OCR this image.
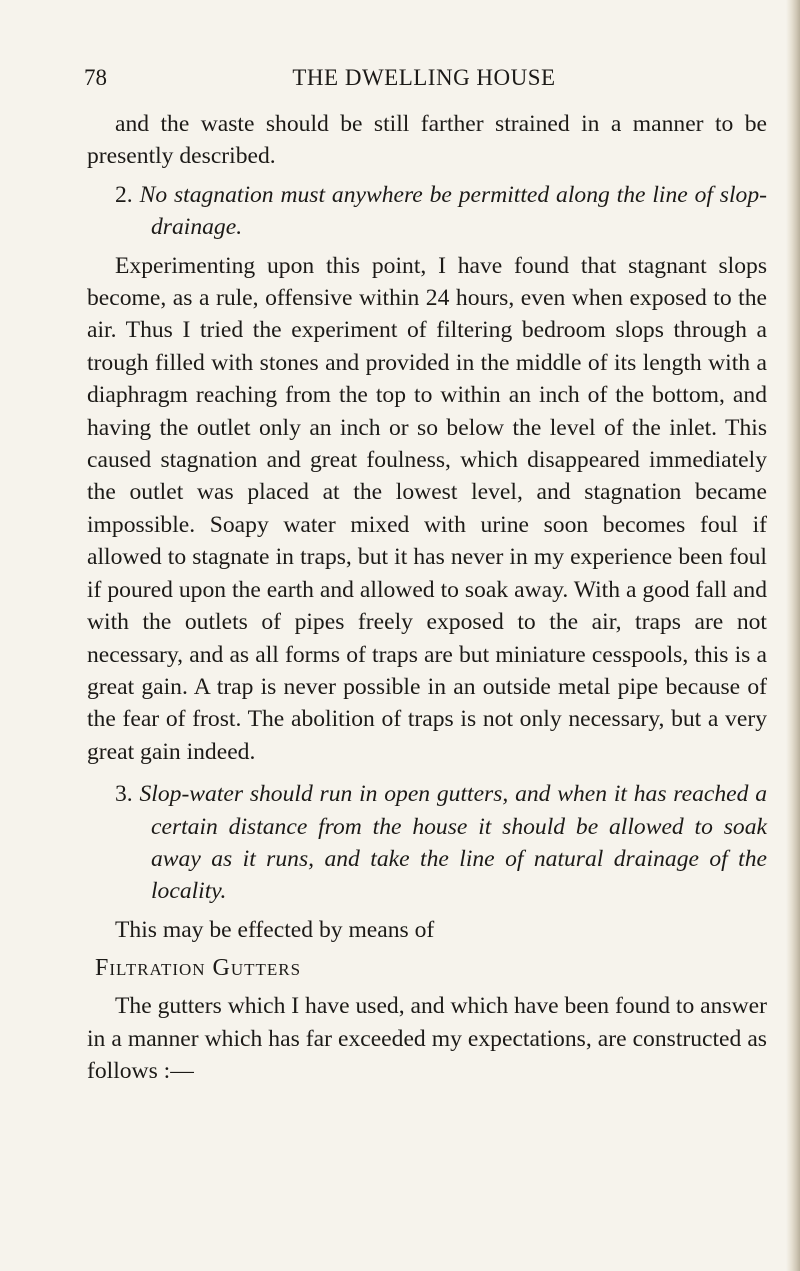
78	THE DWELLING HOUSE

and the waste should be still farther strained in a manner to be presently described.

2. No stagnation must anywhere be permitted along the line of slop-drainage.

Experimenting upon this point, I have found that stagnant slops become, as a rule, offensive within 24 hours, even when exposed to the air. Thus I tried the experiment of filtering bedroom slops through a trough filled with stones and provided in the middle of its length with a diaphragm reaching from the top to within an inch of the bottom, and having the outlet only an inch or so below the level of the inlet. This caused stagnation and great foulness, which disappeared immediately the outlet was placed at the lowest level, and stagnation became impossible. Soapy water mixed with urine soon becomes foul if allowed to stagnate in traps, but it has never in my experience been foul if poured upon the earth and allowed to soak away. With a good fall and with the outlets of pipes freely exposed to the air, traps are not necessary, and as all forms of traps are but miniature cesspools, this is a great gain. A trap is never possible in an outside metal pipe because of the fear of frost. The abolition of traps is not only necessary, but a very great gain indeed.

3. Slop-water should run in open gutters, and when it has reached a certain distance from the house it should be allowed to soak away as it runs, and take the line of natural drainage of the locality.

This may be effected by means of

Filtration Gutters

The gutters which I have used, and which have been found to answer in a manner which has far exceeded my expectations, are constructed as follows :—
